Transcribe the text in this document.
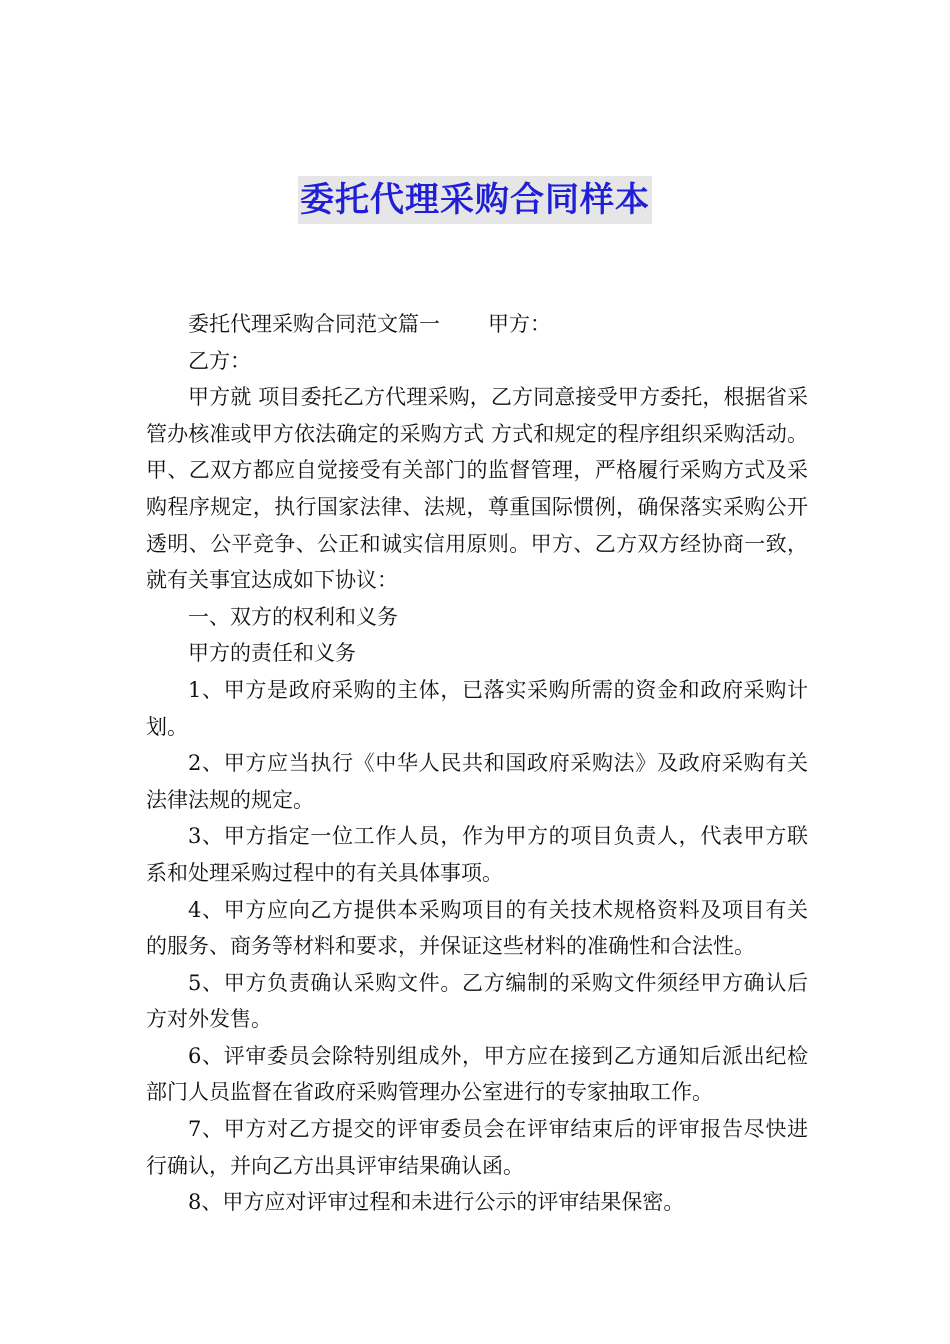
委托代理采购合同样本

委托代理采购合同范文篇一 甲方：

乙方：

甲方就 项目委托乙方代理采购，乙方同意接受甲方委托，根据省采管办核准或甲方依法确定的采购方式 方式和规定的程序组织采购活动。甲、乙双方都应自觉接受有关部门的监督管理，严格履行采购方式及采购程序规定，执行国家法律、法规，尊重国际惯例，确保落实采购公开透明、公平竞争、公正和诚实信用原则。甲方、乙方双方经协商一致，就有关事宜达成如下协议：

一、双方的权利和义务

甲方的责任和义务

1、甲方是政府采购的主体，已落实采购所需的资金和政府采购计划。

2、甲方应当执行《中华人民共和国政府采购法》及政府采购有关法律法规的规定。

3、甲方指定一位工作人员，作为甲方的项目负责人，代表甲方联系和处理采购过程中的有关具体事项。

4、甲方应向乙方提供本采购项目的有关技术规格资料及项目有关的服务、商务等材料和要求，并保证这些材料的准确性和合法性。

5、甲方负责确认采购文件。乙方编制的采购文件须经甲方确认后方对外发售。

6、评审委员会除特别组成外，甲方应在接到乙方通知后派出纪检部门人员监督在省政府采购管理办公室进行的专家抽取工作。

7、甲方对乙方提交的评审委员会在评审结束后的评审报告尽快进行确认，并向乙方出具评审结果确认函。

8、甲方应对评审过程和未进行公示的评审结果保密。
